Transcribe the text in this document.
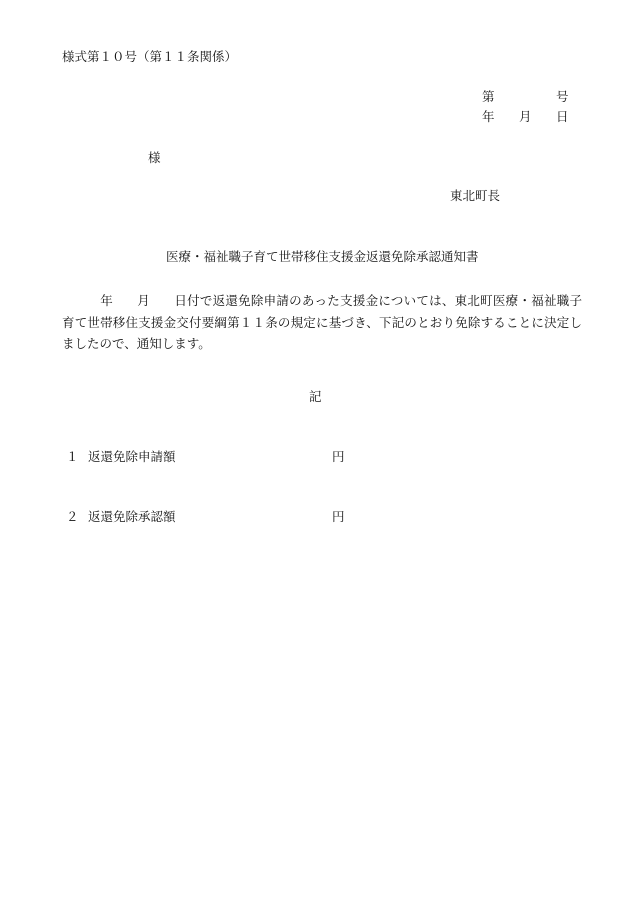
様式第１０号（第１１条関係）
第	号
年 月 日
様
東北町長
医療・福祉職子育て世帯移住支援金返還免除承認通知書
年 月 日付で返還免除申請のあった支援金については、東北町医療・福祉職子育て世帯移住支援金交付要綱第１１条の規定に基づき、下記のとおり免除することに決定しましたので、通知します。
記
１ 返還免除申請額	円
２ 返還免除承認額	円
